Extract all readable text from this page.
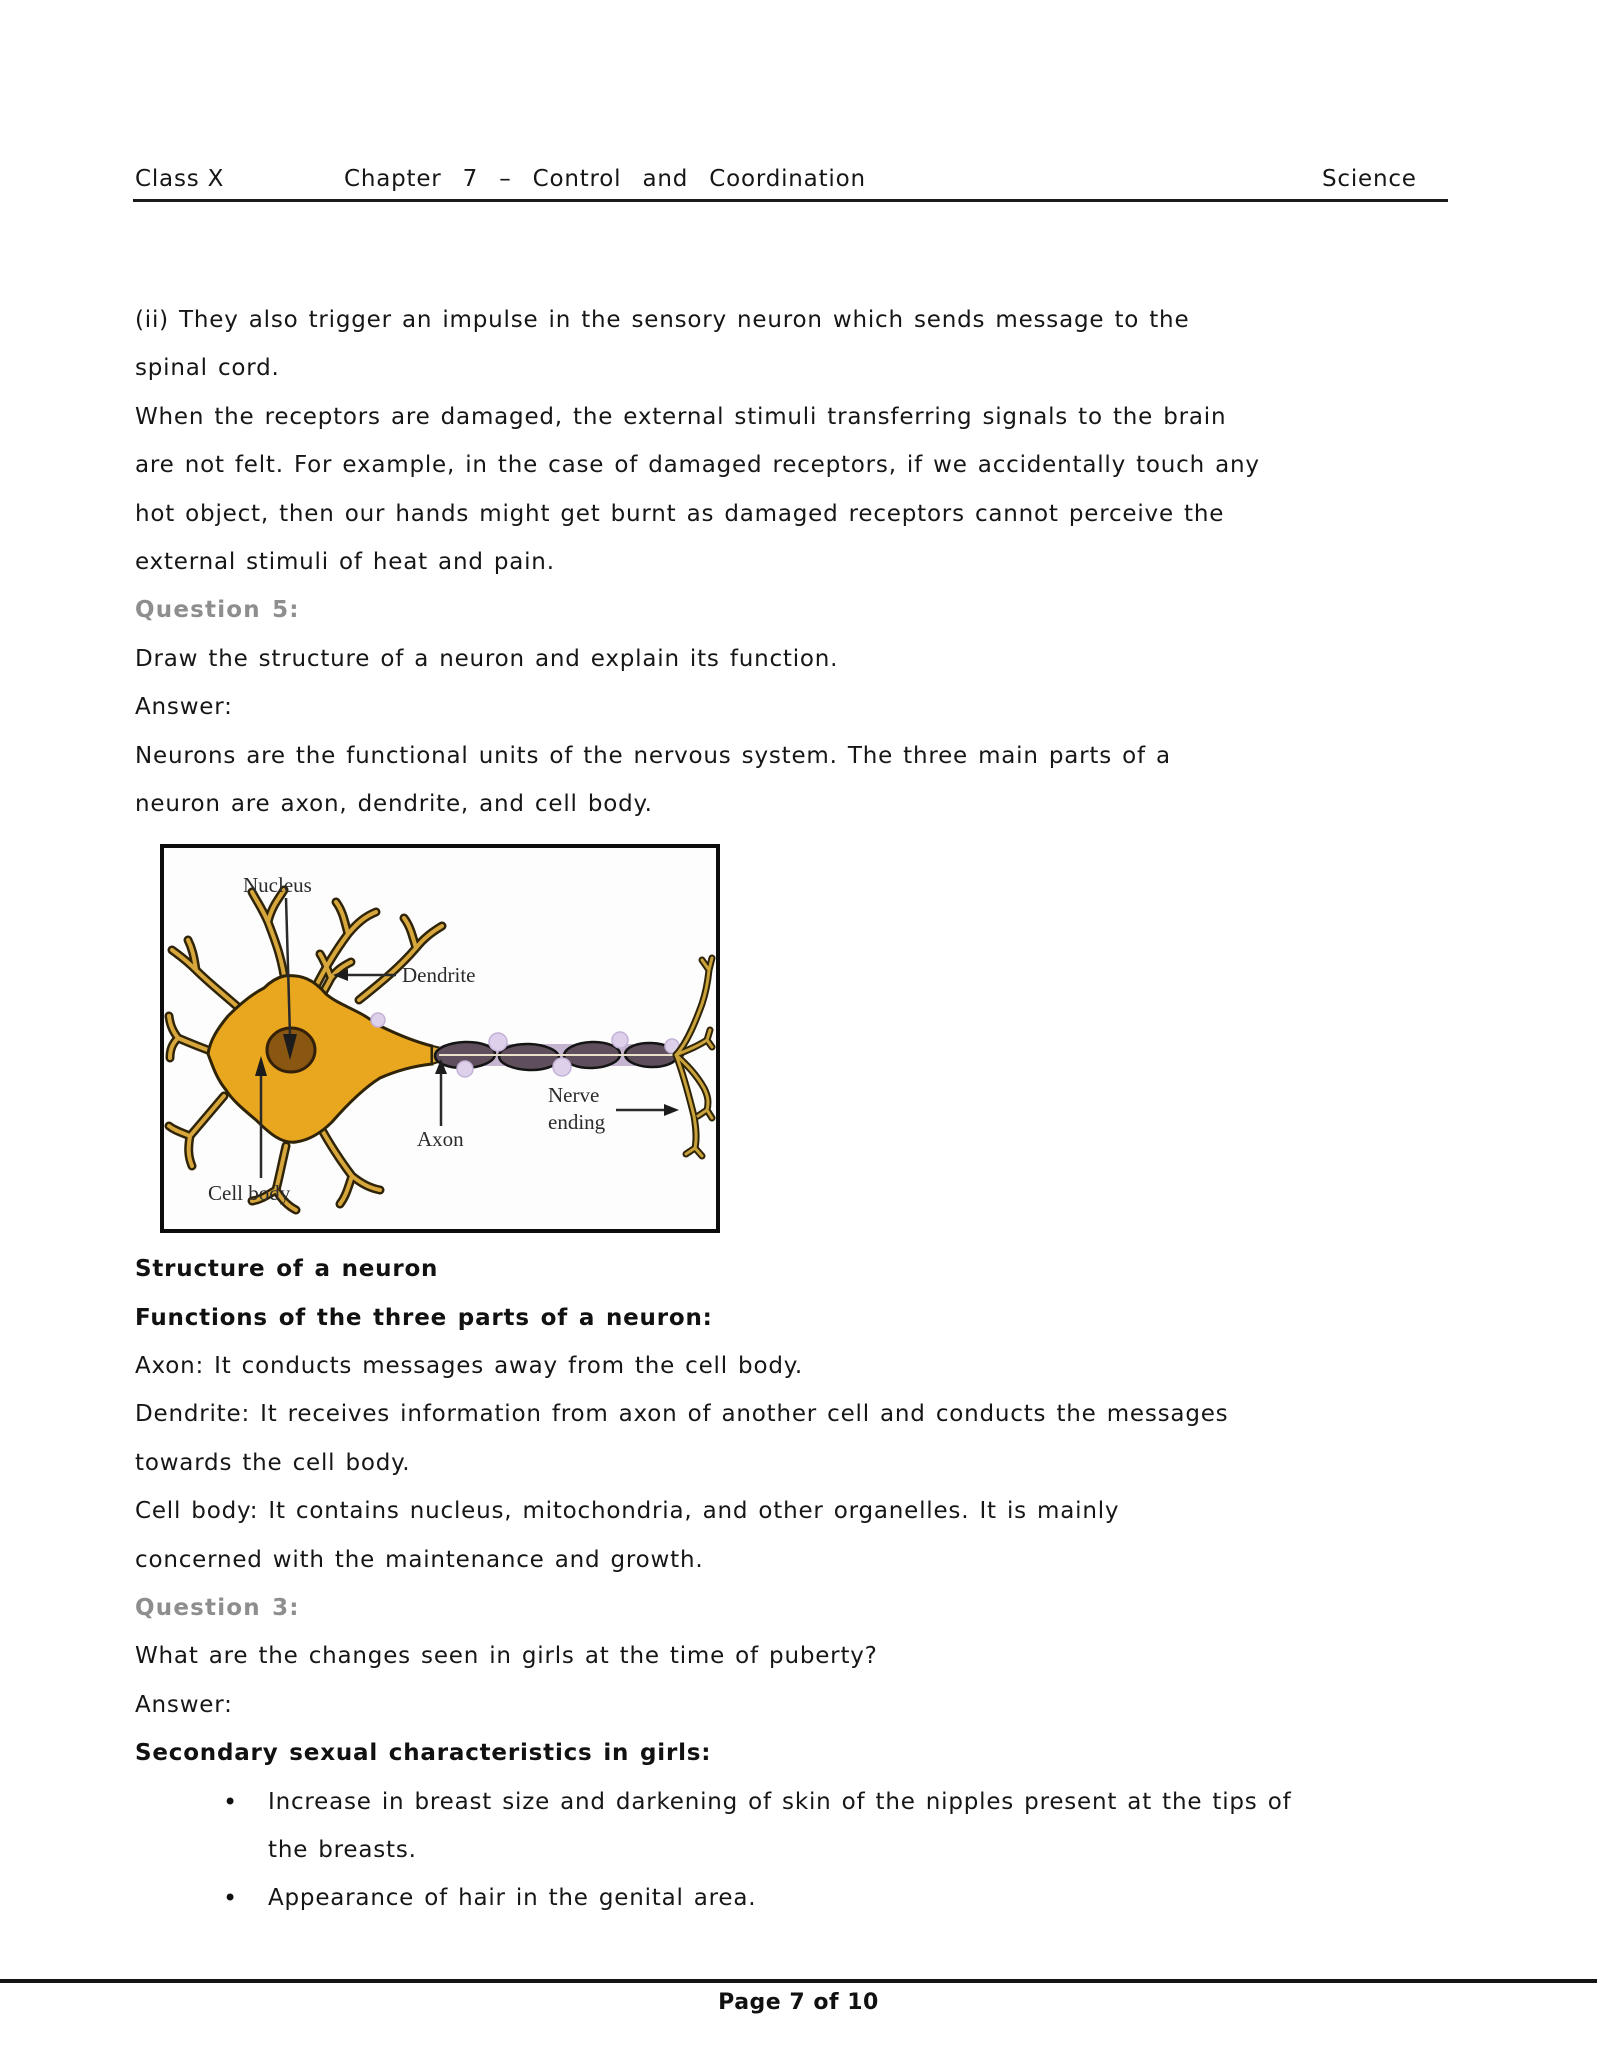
Class X	Chapter 7 – Control and Coordination	Science
(ii) They also trigger an impulse in the sensory neuron which sends message to the
spinal cord.
When the receptors are damaged, the external stimuli transferring signals to the brain
are not felt. For example, in the case of damaged receptors, if we accidentally touch any
hot object, then our hands might get burnt as damaged receptors cannot perceive the
external stimuli of heat and pain.
Question 5:
Draw the structure of a neuron and explain its function.
Answer:
Neurons are the functional units of the nervous system. The three main parts of a
neuron are axon, dendrite, and cell body.
Nucleus
Dendrite
Axon
Nerve
ending
Cell body
Structure of a neuron
Functions of the three parts of a neuron:
Axon: It conducts messages away from the cell body.
Dendrite: It receives information from axon of another cell and conducts the messages
towards the cell body.
Cell body: It contains nucleus, mitochondria, and other organelles. It is mainly
concerned with the maintenance and growth.
Question 3:
What are the changes seen in girls at the time of puberty?
Answer:
Secondary sexual characteristics in girls:
• Increase in breast size and darkening of skin of the nipples present at the tips of
the breasts.
• Appearance of hair in the genital area.
Page 7 of 10
